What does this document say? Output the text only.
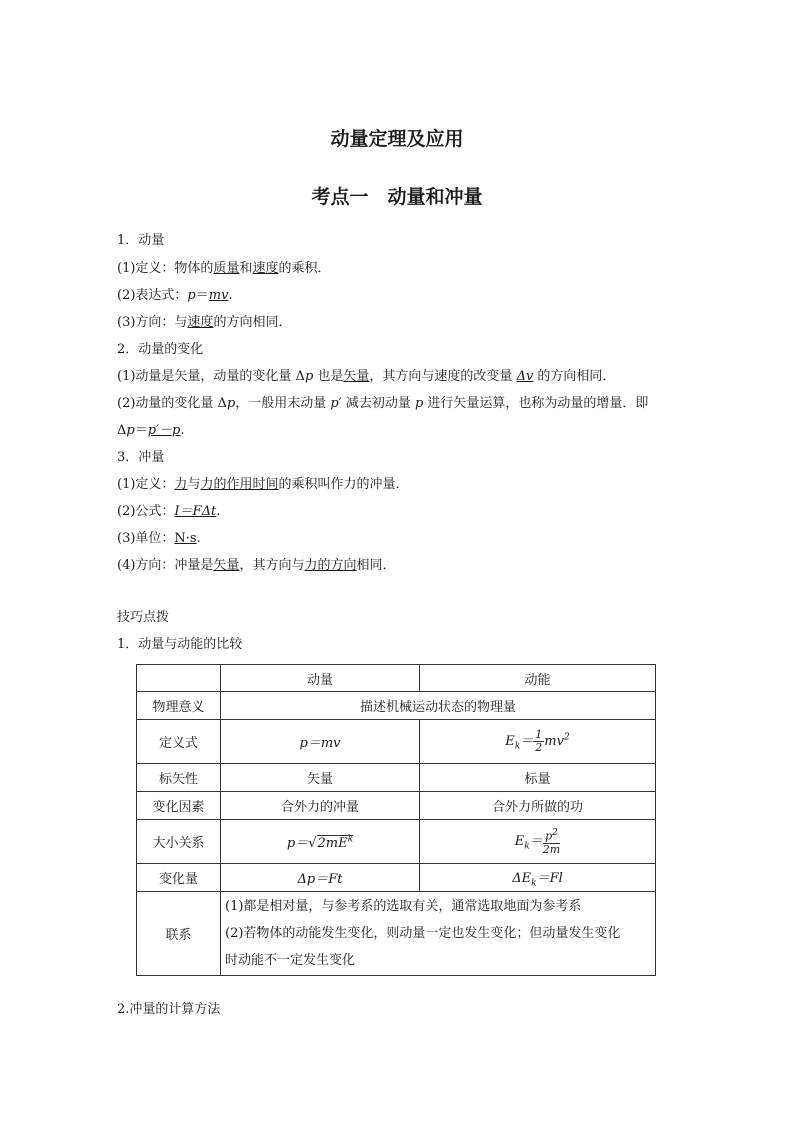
动量定理及应用
考点一　动量和冲量
1．动量
(1)定义：物体的质量和速度的乘积．
(2)表达式：p＝mv.
(3)方向：与速度的方向相同．
2．动量的变化
(1)动量是矢量，动量的变化量 Δp 也是矢量，其方向与速度的改变量 Δv 的方向相同．
(2)动量的变化量 Δp，一般用末动量 p′ 减去初动量 p 进行矢量运算，也称为动量的增量．即
Δp＝p′－p.
3．冲量
(1)定义：力与力的作用时间的乘积叫作力的冲量．
(2)公式：I＝FΔt.
(3)单位：N·s.
(4)方向：冲量是矢量，其方向与力的方向相同．
技巧点拨
1．动量与动能的比较
	动量	动能
物理意义	描述机械运动状态的物理量	
定义式	p＝mv	$E_k= \frac{1}{2} mv^2$
标矢性	矢量	标量
变化因素	合外力的冲量	合外力所做的功
大小关系	$p=√2mE^k$	$E_k= \frac{p^2}{2m}$

变化量	Δp＝Ft	$\Delta E_k=Fl$
联系	(1)都是相对量，与参考系的选取有关，通常选取地面为参考系
(2)若物体的动能发生变化，则动量一定也发生变化；但动量发生变化
时动能不一定发生变化	
2.冲量的计算方法
